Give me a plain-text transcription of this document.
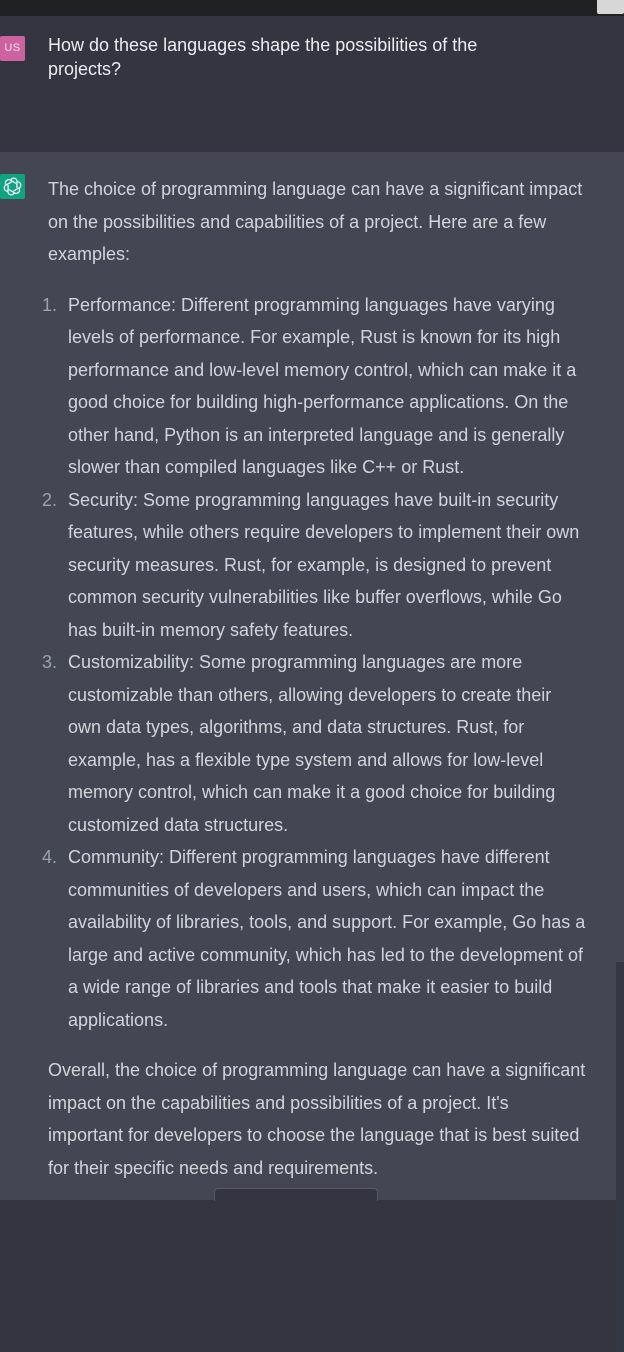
US How do these languages shape the possibilities of the projects?

The choice of programming language can have a significant impact on the possibilities and capabilities of a project. Here are a few examples:

1. Performance: Different programming languages have varying levels of performance. For example, Rust is known for its high performance and low-level memory control, which can make it a good choice for building high-performance applications. On the other hand, Python is an interpreted language and is generally slower than compiled languages like C++ or Rust.
2. Security: Some programming languages have built-in security features, while others require developers to implement their own security measures. Rust, for example, is designed to prevent common security vulnerabilities like buffer overflows, while Go has built-in memory safety features.
3. Customizability: Some programming languages are more customizable than others, allowing developers to create their own data types, algorithms, and data structures. Rust, for example, has a flexible type system and allows for low-level memory control, which can make it a good choice for building customized data structures.
4. Community: Different programming languages have different communities of developers and users, which can impact the availability of libraries, tools, and support. For example, Go has a large and active community, which has led to the development of a wide range of libraries and tools that make it easier to build applications.

Overall, the choice of programming language can have a significant impact on the capabilities and possibilities of a project. It's important for developers to choose the language that is best suited for their specific needs and requirements.
